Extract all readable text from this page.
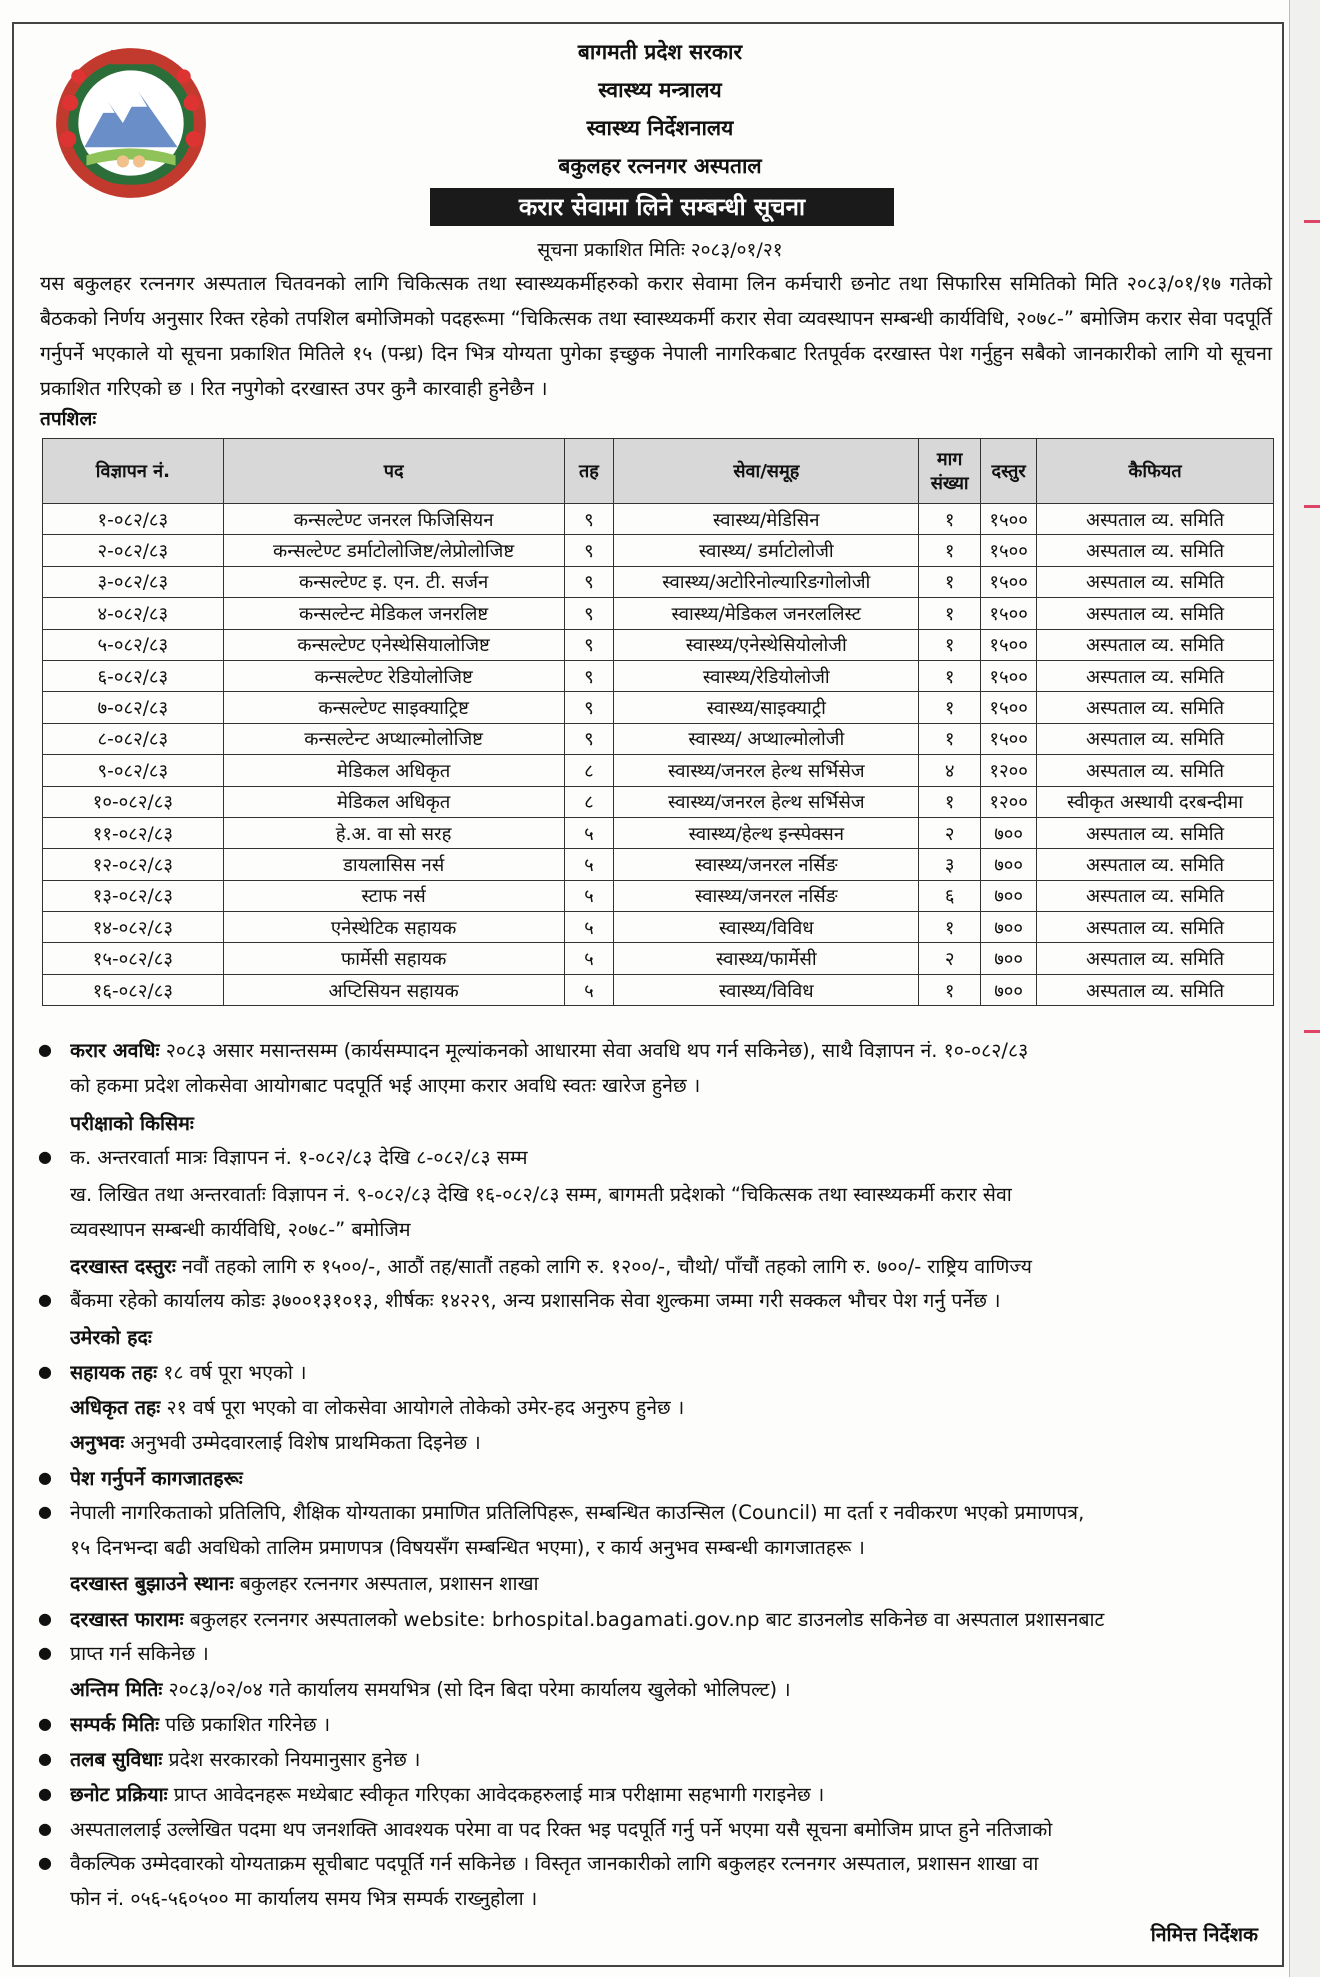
बागमती प्रदेश सरकार
स्वास्थ्य मन्त्रालय
स्वास्थ्य निर्देशनालय
बकुलहर रत्ननगर अस्पताल
करार सेवामा लिने सम्बन्धी सूचना
सूचना प्रकाशित मितिः २०८३/०१/२१
यस बकुलहर रत्ननगर अस्पताल चितवनको लागि चिकित्सक तथा स्वास्थ्यकर्मीहरुको करार सेवामा लिन कर्मचारी छनोट तथा सिफारिस समितिको मिति २०८३/०१/१७ गतेको बैठकको निर्णय अनुसार रिक्त रहेको तपशिल बमोजिमको पदहरूमा “चिकित्सक तथा स्वास्थ्यकर्मी करार सेवा व्यवस्थापन सम्बन्धी कार्यविधि, २०७८-” बमोजिम करार सेवा पदपूर्ति गर्नुपर्ने भएकाले यो सूचना प्रकाशित मितिले १५ (पन्ध्र) दिन भित्र योग्यता पुगेका इच्छुक नेपाली नागरिकबाट रितपूर्वक दरखास्त पेश गर्नुहुन सबैको जानकारीको लागि यो सूचना प्रकाशित गरिएको छ । रित नपुगेको दरखास्त उपर कुनै कारवाही हुनेछैन ।
तपशिलः
विज्ञापन नं.	पद	तह	सेवा/समूह	माग संख्या	दस्तुर	कैफियत
१-०८२/८३	कन्सल्टेण्ट जनरल फिजिसियन	९	स्वास्थ्य/मेडिसिन	१	१५००	अस्पताल व्य. समिति
२-०८२/८३	कन्सल्टेण्ट डर्माटोलोजिष्ट/लेप्रोलोजिष्ट	९	स्वास्थ्य/ डर्माटोलोजी	१	१५००	अस्पताल व्य. समिति
३-०८२/८३	कन्सल्टेण्ट इ. एन. टी. सर्जन	९	स्वास्थ्य/अटोरिनोल्यारिङगोलोजी	१	१५००	अस्पताल व्य. समिति
४-०८२/८३	कन्सल्टेन्ट मेडिकल जनरलिष्ट	९	स्वास्थ्य/मेडिकल जनरललिस्ट	१	१५००	अस्पताल व्य. समिति
५-०८२/८३	कन्सल्टेण्ट एनेस्थेसियालोजिष्ट	९	स्वास्थ्य/एनेस्थेसियोलोजी	१	१५००	अस्पताल व्य. समिति
६-०८२/८३	कन्सल्टेण्ट रेडियोलोजिष्ट	९	स्वास्थ्य/रेडियोलोजी	१	१५००	अस्पताल व्य. समिति
७-०८२/८३	कन्सल्टेण्ट साइक्याट्रिष्ट	९	स्वास्थ्य/साइक्याट्री	१	१५००	अस्पताल व्य. समिति
८-०८२/८३	कन्सल्टेन्ट अप्थाल्मोलोजिष्ट	९	स्वास्थ्य/ अप्थाल्मोलोजी	१	१५००	अस्पताल व्य. समिति
९-०८२/८३	मेडिकल अधिकृत	८	स्वास्थ्य/जनरल हेल्थ सर्भिसेज	४	१२००	अस्पताल व्य. समिति
१०-०८२/८३	मेडिकल अधिकृत	८	स्वास्थ्य/जनरल हेल्थ सर्भिसेज	१	१२००	स्वीकृत अस्थायी दरबन्दीमा
११-०८२/८३	हे.अ. वा सो सरह	५	स्वास्थ्य/हेल्थ इन्स्पेक्सन	२	७००	अस्पताल व्य. समिति
१२-०८२/८३	डायलासिस नर्स	५	स्वास्थ्य/जनरल नर्सिङ	३	७००	अस्पताल व्य. समिति
१३-०८२/८३	स्टाफ नर्स	५	स्वास्थ्य/जनरल नर्सिङ	६	७००	अस्पताल व्य. समिति
१४-०८२/८३	एनेस्थेटिक सहायक	५	स्वास्थ्य/विविध	१	७००	अस्पताल व्य. समिति
१५-०८२/८३	फार्मेसी सहायक	५	स्वास्थ्य/फार्मेसी	२	७००	अस्पताल व्य. समिति
१६-०८२/८३	अप्टिसियन सहायक	५	स्वास्थ्य/विविध	१	७००	अस्पताल व्य. समिति
● करार अवधिः २०८३ असार मसान्तसम्म (कार्यसम्पादन मूल्यांकनको आधारमा सेवा अवधि थप गर्न सकिनेछ), साथै विज्ञापन नं. १०-०८२/८३
को हकमा प्रदेश लोकसेवा आयोगबाट पदपूर्ति भई आएमा करार अवधि स्वतः खारेज हुनेछ ।
परीक्षाको किसिमः
● क. अन्तरवार्ता मात्रः विज्ञापन नं. १-०८२/८३ देखि ८-०८२/८३ सम्म
ख. लिखित तथा अन्तरवार्ताः विज्ञापन नं. ९-०८२/८३ देखि १६-०८२/८३ सम्म, बागमती प्रदेशको “चिकित्सक तथा स्वास्थ्यकर्मी करार सेवा
व्यवस्थापन सम्बन्धी कार्यविधि, २०७८-” बमोजिम
दरखास्त दस्तुरः नवौं तहको लागि रु १५००/-, आठौं तह/सातौं तहको लागि रु. १२००/-, चौथो/ पाँचौं तहको लागि रु. ७००/- राष्ट्रिय वाणिज्य
● बैंकमा रहेको कार्यालय कोडः ३७००१३१०१३, शीर्षकः १४२२९, अन्य प्रशासनिक सेवा शुल्कमा जम्मा गरी सक्कल भौचर पेश गर्नु पर्नेछ ।
उमेरको हदः
● सहायक तहः १८ वर्ष पूरा भएको ।
अधिकृत तहः २१ वर्ष पूरा भएको वा लोकसेवा आयोगले तोकेको उमेर-हद अनुरुप हुनेछ ।
अनुभवः अनुभवी उम्मेदवारलाई विशेष प्राथमिकता दिइनेछ ।
● पेश गर्नुपर्ने कागजातहरूः
● नेपाली नागरिकताको प्रतिलिपि, शैक्षिक योग्यताका प्रमाणित प्रतिलिपिहरू, सम्बन्धित काउन्सिल (Council) मा दर्ता र नवीकरण भएको प्रमाणपत्र,
१५ दिनभन्दा बढी अवधिको तालिम प्रमाणपत्र (विषयसँग सम्बन्धित भएमा), र कार्य अनुभव सम्बन्धी कागजातहरू ।
दरखास्त बुझाउने स्थानः बकुलहर रत्ननगर अस्पताल, प्रशासन शाखा
● दरखास्त फारामः बकुलहर रत्ननगर अस्पतालको website: brhospital.bagamati.gov.np बाट डाउनलोड सकिनेछ वा अस्पताल प्रशासनबाट
● प्राप्त गर्न सकिनेछ ।
अन्तिम मितिः २०८३/०२/०४ गते कार्यालय समयभित्र (सो दिन बिदा परेमा कार्यालय खुलेको भोलिपल्ट) ।
● सम्पर्क मितिः पछि प्रकाशित गरिनेछ ।
● तलब सुविधाः प्रदेश सरकारको नियमानुसार हुनेछ ।
● छनोट प्रक्रियाः प्राप्त आवेदनहरू मध्येबाट स्वीकृत गरिएका आवेदकहरुलाई मात्र परीक्षामा सहभागी गराइनेछ ।
● अस्पताललाई उल्लेखित पदमा थप जनशक्ति आवश्यक परेमा वा पद रिक्त भइ पदपूर्ति गर्नु पर्ने भएमा यसै सूचना बमोजिम प्राप्त हुने नतिजाको
● वैकल्पिक उम्मेदवारको योग्यताक्रम सूचीबाट पदपूर्ति गर्न सकिनेछ । विस्तृत जानकारीको लागि बकुलहर रत्ननगर अस्पताल, प्रशासन शाखा वा
फोन नं. ०५६-५६०५०० मा कार्यालय समय भित्र सम्पर्क राख्नुहोला ।
निमित्त निर्देशक
